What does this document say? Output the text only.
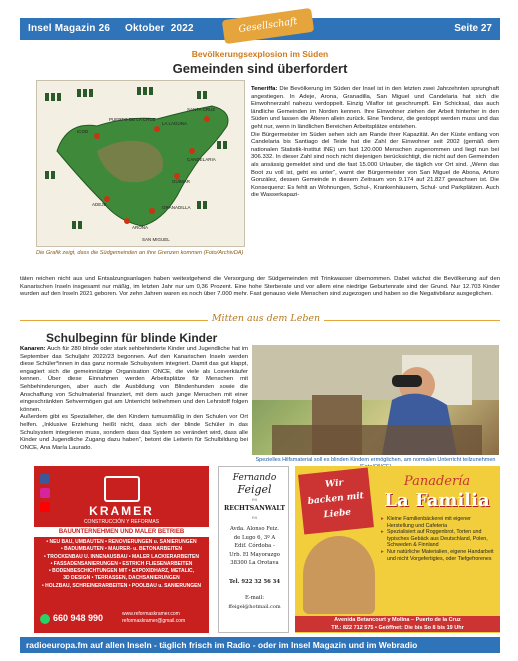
Insel Magazin 26     Oktober  2022	Seite 27
Gesellschaft
Bevölkerungsexplosion im Süden
Gemeinden sind überfordert
SANTA CRUZ
ARONA
ADEJE
GRANADILLA
SAN MIGUEL
CANDELARIA
GÜÍMAR
LA LAGUNA
ICOD
PUERTO DE LA CRUZ
Die Grafik zeigt, dass die Südgemeinden an ihre Grenzen kommen (Foto/ArchivDA)

Teneriffa: Die Bevölkerung im Süden der Insel ist in den letzten zwei Jahrzehnten sprunghaft angestiegen. In Adeje, Arona, Granadilla, San Miguel und Candelaria hat sich die Einwohnerzahl nahezu verdoppelt. Einzig Vilaflor ist geschrumpft. Ein Schicksal, das auch ländliche Gemeinden im Norden kennen. Ihre Einwohner ziehen der Arbeit hinterher in den Süden und lassen die Älteren allein zurück. Eine Tendenz, die gestoppt werden muss und das geht nur, wenn in ländlichen Bereichen Arbeitsplätze entstehen.

Die Bürgermeister im Süden sehen sich am Rande ihrer Kapazität. An der Küste entlang von Candelaria bis Santiago del Teide hat die Zahl der Einwohner seit 2002 (gemäß dem nationalen Statistik-Institut INE) um fast 120.000 Menschen zugenommen und liegt nun bei 306.332. In dieser Zahl sind noch nicht diejenigen berücksichtigt, die nicht auf den Gemeinden als ansässig gemeldet sind und die fast 15.000 Urlauber, die täglich vor Ort sind. „Wenn das Boot zu voll ist, geht es unter“, warnt der Bürgermeister von San Miguel de Abona, Arturo González, dessen Gemeinde in diesem Zeitraum von 9.174 auf 21.827 gewachsen ist. Die Konsequenz: Es fehlt an Wohnungen, Schul-, Krankenhäusern, Schul- und Parkplätzen. Auch die Wasserkapazi-

täten reichen nicht aus und Entsalzungsanlagen haben weitestgehend die Versorgung der Südgemeinden mit Trinkwasser übernommen. Dabei wächst die Bevölkerung auf den Kanarischen Inseln insgesamt nur mäßig, im letzten Jahr nur um 0,36 Prozent. Eine hohe Sterberate und vor allem eine niedrige Geburtenrate sind der Grund. Nur 12.703 Kinder wurden auf den Inseln 2021 geboren. Vor zehn Jahren waren es noch über 7.000 mehr. Fast genauso viele Menschen sind zugezogen und haben so die Negativbilanz ausgeglichen.
Mitten aus dem Leben
Schulbeginn für blinde Kinder

Kanaren: Auch für 280 blinde oder stark sehbehinderte Kinder und Jugendliche hat im September das Schuljahr 2022/23 begonnen. Auf den Kanarischen Inseln werden diese Schüler*innen in das ganz normale Schulsystem integriert. Damit das gut klappt, engagiert sich die gemeinnützige Organisation ONCE, die viele als Losverkäufer kennen. Über diese Einnahmen werden Arbeitsplätze für Menschen mit Sehbehinderungen, aber auch die Ausbildung von Blindenhunden sowie die Anschaffung von Schulmaterial finanziert, mit dem auch junge Menschen mit einer eingeschränkten Sehvermögen gut am Unterricht teilnehmen und den Lehrstoff folgen können.

Außerdem gibt es Spezialleher, die den Kindern tumusmäßig in den Schulen vor Ort helfen. „Inklusive Erziehung heißt nicht, dass sich der blinde Schüler in das Schulsystem integrieren muss, sondern dass das System so verändert wird, dass alle Kinder und Jugendliche Zugang dazu haben“, betont die Leiterin für Schulbildung bei ONCE, Ana María Laurado.

Spezielles Hilfsmaterial soll es blinden Kindern ermöglichen, am normalen Unterricht teilzunehmen
KRAMER
CONSTRUCCIÓN Y REFORMAS
BAUUNTERNEHMEN UND MALER BETRIEB
• NEU BAU, UMBAUTEN • RENOVIERUNGEN u. SANIERUNGEN
• BADUMBAUTEN • MAURER- u. BETONARBEITEN
• TROCKENBAU U. INNENAUSBAU • MALER LACKIERARBEITEN
• FASSADENSANIERUNGEN • ESTRICH FLIESENARBEITEN
• BODENBESCHICHTUNGEN MIT • EXPOXIDHARZ, METALIC,
3D DESIGN • TERRASSEN, DACHSANIERUNGEN
• HOLZBAU, SCHREINERARBEITEN • POOLBAU u. SANIERUNGEN
660 948 990	www.reformaskramer.com
reformaskramer@gmail.com
Fernando
Feigel
es
RECHTSANWALT
es
Avda. Alonso Feiz.
de Lugo 6, 3º A
Edif. Córdoba -
Urb. El Mayorazgo
38300 La Orotava
Tel. 922 32 56 34
E-mail:
ffeigel@hotmail.com
Wir
backen mit
Liebe
Panadería
La Familia
▸ Kleine Familienbäckerei mit eigener Herstellung und Cafeteria
▸ Spezialisiert auf Roggenbrot, Torten und typisches Gebäck aus Deutschland, Polen, Schweden & Finnland
▸ Nur natürliche Materialien, eigene Handarbeit und nicht Vorgefertigtes, oder Tiefgefrorenes
Avenida Betancourt y Molina – Puerto de la Cruz
Tlf.: 822 712 575 • Geöffnet: Die bis So 8 bis 19 Uhr
radioeuropa.fm auf allen Inseln - täglich frisch im Radio - oder im Insel Magazin und im Webradio
